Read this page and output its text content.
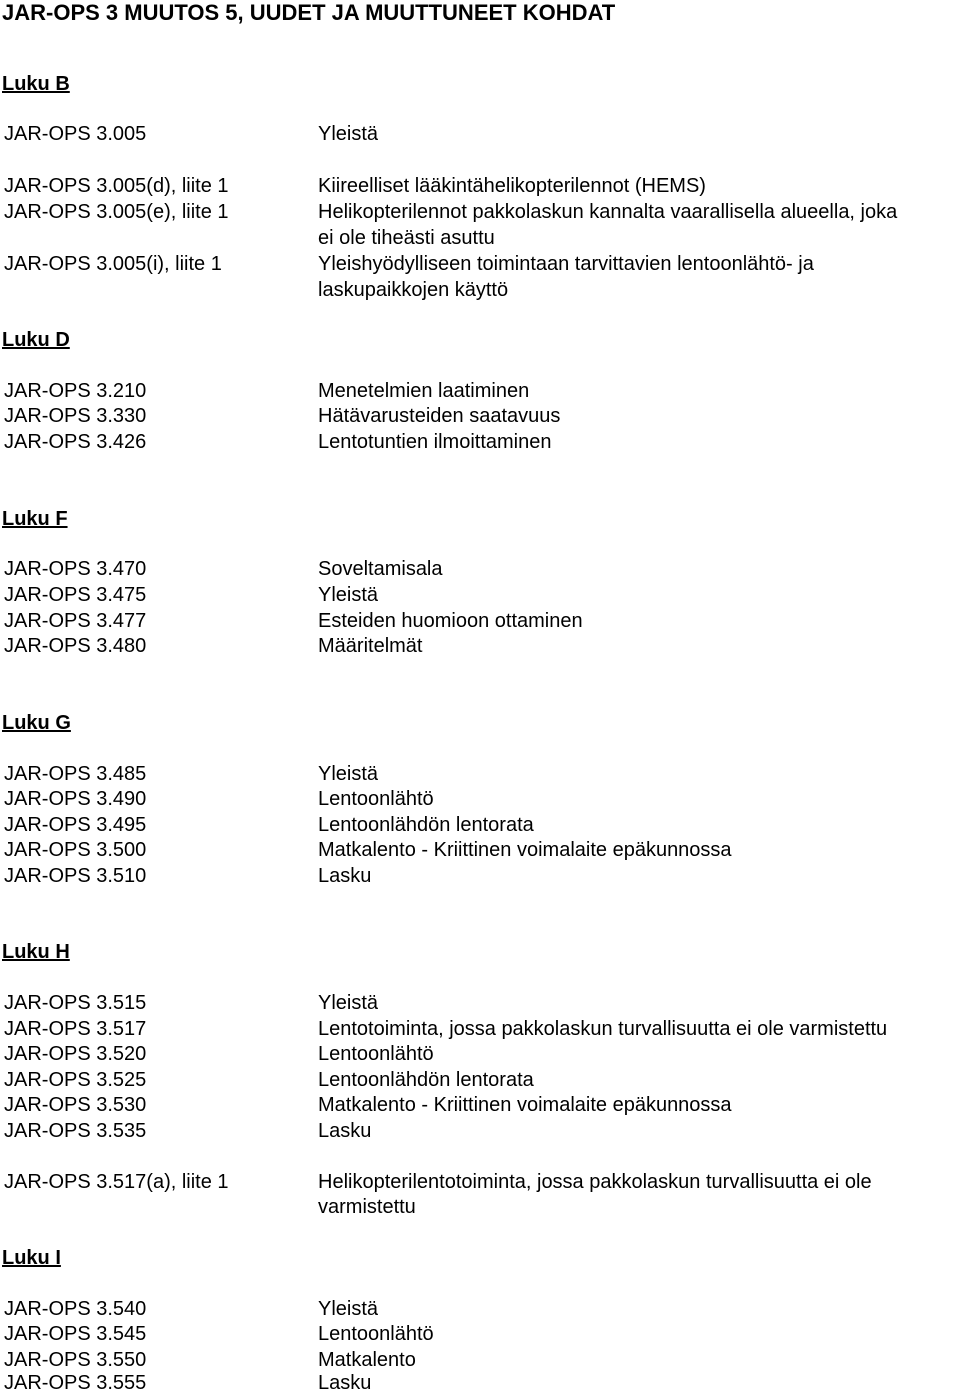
JAR-OPS 3 MUUTOS 5, UUDET JA MUUTTUNEET KOHDAT
Luku B
JAR-OPS 3.005	Yleistä
JAR-OPS 3.005(d), liite 1	Kiireelliset lääkintähelikopterilennot (HEMS)
JAR-OPS 3.005(e), liite 1	Helikopterilennot pakkolaskun kannalta vaarallisella alueella, joka
ei ole tiheästi asuttu
JAR-OPS 3.005(i), liite 1	Yleishyödylliseen toimintaan tarvittavien lentoonlähtö- ja
laskupaikkojen käyttö
Luku D
JAR-OPS 3.210	Menetelmien laatiminen
JAR-OPS 3.330	Hätävarusteiden saatavuus
JAR-OPS 3.426	Lentotuntien ilmoittaminen
Luku F
JAR-OPS 3.470	Soveltamisala
JAR-OPS 3.475	Yleistä
JAR-OPS 3.477	Esteiden huomioon ottaminen
JAR-OPS 3.480	Määritelmät
Luku G
JAR-OPS 3.485	Yleistä
JAR-OPS 3.490	Lentoonlähtö
JAR-OPS 3.495	Lentoonlähdön lentorata
JAR-OPS 3.500	Matkalento - Kriittinen voimalaite epäkunnossa
JAR-OPS 3.510	Lasku
Luku H
JAR-OPS 3.515	Yleistä
JAR-OPS 3.517	Lentotoiminta, jossa pakkolaskun turvallisuutta ei ole varmistettu
JAR-OPS 3.520	Lentoonlähtö
JAR-OPS 3.525	Lentoonlähdön lentorata
JAR-OPS 3.530	Matkalento - Kriittinen voimalaite epäkunnossa
JAR-OPS 3.535	Lasku
JAR-OPS 3.517(a), liite 1	Helikopterilentotoiminta, jossa pakkolaskun turvallisuutta ei ole
varmistettu
Luku I
JAR-OPS 3.540	Yleistä
JAR-OPS 3.545	Lentoonlähtö
JAR-OPS 3.550	Matkalento
JAR-OPS 3.555	Lasku
